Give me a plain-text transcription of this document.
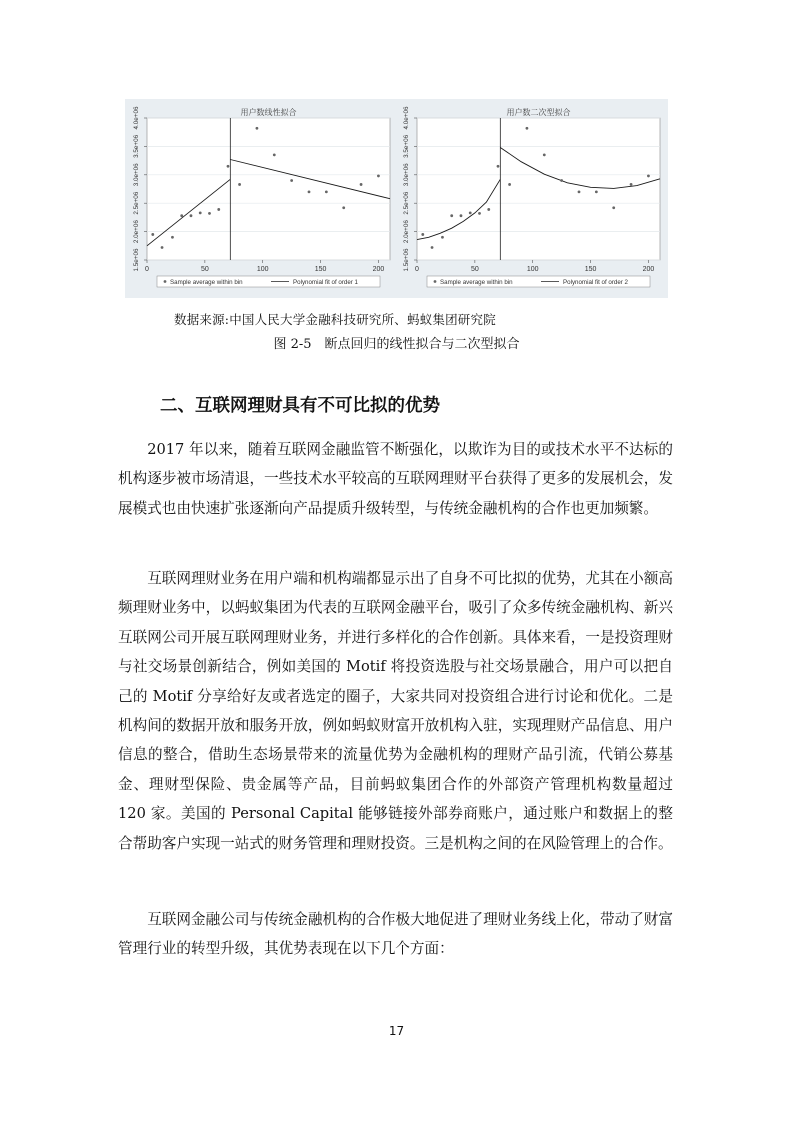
1.5e+06
2.0e+06
2.5e+06
3.0e+06
3.5e+06
4.0e+06
0	50	100	150	200
用户数线性拟合
Sample average within bin	Polynomial fit of order 1
1.5e+06
2.0e+06
2.5e+06
3.0e+06
3.5e+06
4.0e+06
0	50	100	150	200
用户数二次型拟合
Sample average within bin	Polynomial fit of order 2
数据来源:中国人民大学金融科技研究所、蚂蚁集团研究院
图 2-5　断点回归的线性拟合与二次型拟合
二、互联网理财具有不可比拟的优势

2017 年以来，随着互联网金融监管不断强化，以欺诈为目的或技术水平不达标的机构逐步被市场清退，一些技术水平较高的互联网理财平台获得了更多的发展机会，发展模式也由快速扩张逐渐向产品提质升级转型，与传统金融机构的合作也更加频繁。

互联网理财业务在用户端和机构端都显示出了自身不可比拟的优势，尤其在小额高频理财业务中，以蚂蚁集团为代表的互联网金融平台，吸引了众多传统金融机构、新兴互联网公司开展互联网理财业务，并进行多样化的合作创新。具体来看，一是投资理财与社交场景创新结合，例如美国的 Motif 将投资选股与社交场景融合，用户可以把自己的 Motif 分享给好友或者选定的圈子，大家共同对投资组合进行讨论和优化。二是机构间的数据开放和服务开放，例如蚂蚁财富开放机构入驻，实现理财产品信息、用户信息的整合，借助生态场景带来的流量优势为金融机构的理财产品引流，代销公募基金、理财型保险、贵金属等产品，目前蚂蚁集团合作的外部资产管理机构数量超过 120 家。美国的 Personal Capital 能够链接外部券商账户，通过账户和数据上的整合帮助客户实现一站式的财务管理和理财投资。三是机构之间的在风险管理上的合作。

互联网金融公司与传统金融机构的合作极大地促进了理财业务线上化，带动了财富管理行业的转型升级，其优势表现在以下几个方面：

17
